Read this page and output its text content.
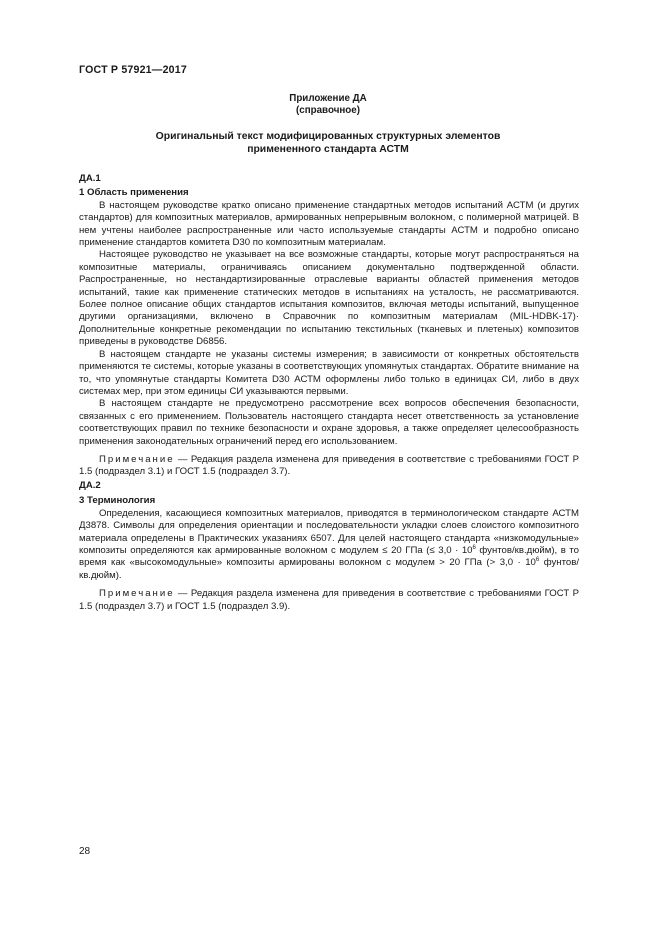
ГОСТ Р 57921—2017
Приложение ДА
(справочное)
Оригинальный текст модифицированных структурных элементов
примененного стандарта АСТМ
ДА.1
1 Область применения

В настоящем руководстве кратко описано применение стандартных методов испытаний АСТМ (и других стандартов) для композитных материалов, армированных непрерывным волокном, с полимерной матрицей. В нем учтены наиболее распространенные или часто используемые стандарты АСТМ и подробно описано применение стандартов комитета D30 по композитным материалам.

Настоящее руководство не указывает на все возможные стандарты, которые могут распространяться на композитные материалы, ограничиваясь описанием документально подтвержденной области. Распространенные, но нестандартизированные отраслевые варианты областей применения методов испытаний, такие как применение статических методов в испытаниях на усталость, не рассматриваются. Более полное описание общих стандартов испытания композитов, включая методы испытаний, выпущенное другими организациями, включено в Справочник по композитным материалам (MIL-HDBK-17)· Дополнительные конкретные рекомендации по испытанию текстильных (тканевых и плетеных) композитов приведены в руководстве D6856.

В настоящем стандарте не указаны системы измерения; в зависимости от конкретных обстоятельств применяются те системы, которые указаны в соответствующих упомянутых стандартах. Обратите внимание на то, что упомянутые стандарты Комитета D30 АСТМ оформлены либо только в единицах СИ, либо в двух системах мер, при этом единицы СИ указываются первыми.

В настоящем стандарте не предусмотрено рассмотрение всех вопросов обеспечения безопасности, связанных с его применением. Пользователь настоящего стандарта несет ответственность за установление соответствующих правил по технике безопасности и охране здоровья, а также определяет целесообразность применения законодательных ограничений перед его использованием.

Примечание — Редакция раздела изменена для приведения в соответствие с требованиями ГОСТ Р 1.5 (подраздел 3.1) и ГОСТ 1.5 (подраздел 3.7).

ДА.2
3 Терминология

Определения, касающиеся композитных материалов, приводятся в терминологическом стандарте АСТМ Д3878. Символы для определения ориентации и последовательности укладки слоев слоистого композитного материала определены в Практических указаниях 6507. Для целей настоящего стандарта «низкомодульные» композиты определяются как армированные волокном с модулем ≤ 20 ГПа (≤ $3,0 \cdot 10^6$ фунтов/кв.дюйм), в то время как «высокомодульные» композиты армированы волокном с модулем > 20 ГПа (> $3,0 \cdot 10^6$ фунтов/кв.дюйм).

Примечание — Редакция раздела изменена для приведения в соответствие с требованиями ГОСТ Р 1.5 (подраздел 3.7) и ГОСТ 1.5 (подраздел 3.9).

28
